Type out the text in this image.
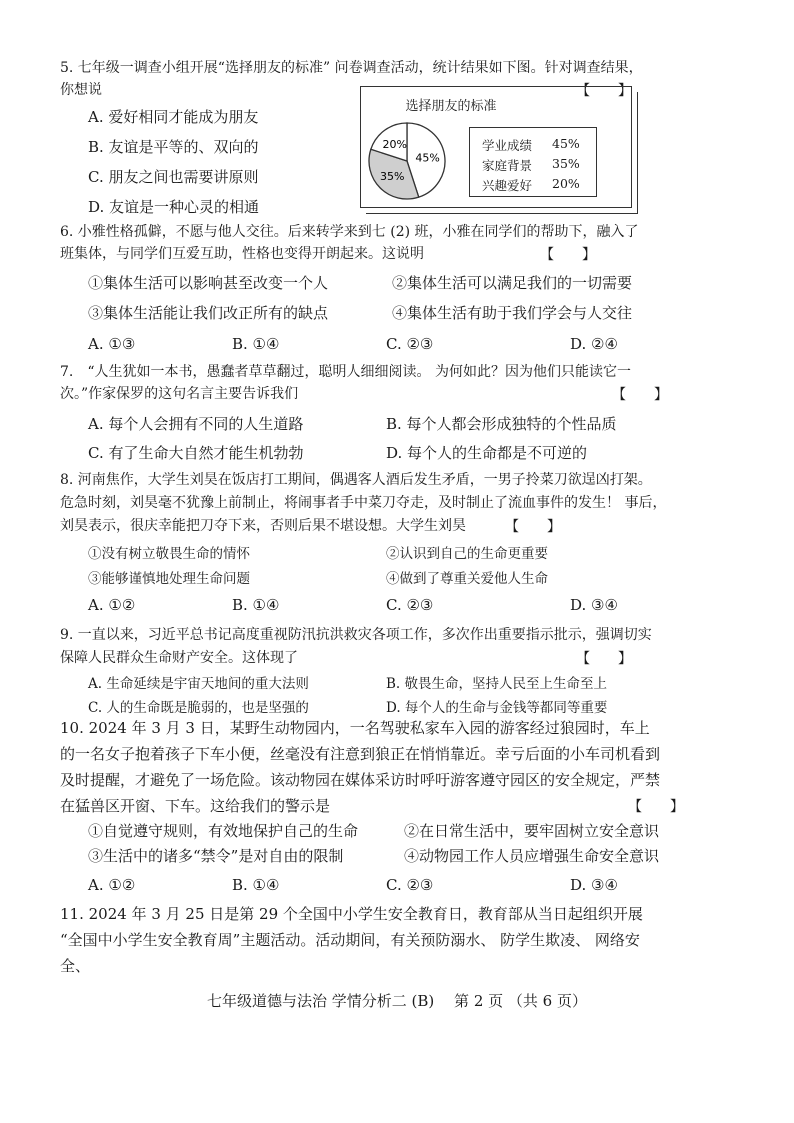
5. 七年级一调查小组开展“选择朋友的标准” 问卷调查活动，统计结果如下图。针对调查结果，
你想说	【　　】
A. 爱好相同才能成为朋友
B. 友谊是平等的、双向的
C. 朋友之间也需要讲原则
D. 友谊是一种心灵的相通
选择朋友的标准
45%
35%
20%	学业成绩 45%
家庭背景 35%
兴趣爱好 20%
6. 小雅性格孤僻，不愿与他人交往。后来转学来到七 (2) 班，小雅在同学们的帮助下，融入了
班集体，与同学们互爱互助，性格也变得开朗起来。这说明	【　　】
①集体生活可以影响甚至改变一个人	②集体生活可以满足我们的一切需要
③集体生活能让我们改正所有的缺点	④集体生活有助于我们学会与人交往
A. ①③	B. ①④	C. ②③	D. ②④
7.　“人生犹如一本书，愚蠢者草草翻过，聪明人细细阅读。 为何如此？因为他们只能读它一
次。”作家保罗的这句名言主要告诉我们	【　　】
A. 每个人会拥有不同的人生道路	B. 每个人都会形成独特的个性品质
C. 有了生命大自然才能生机勃勃	D. 每个人的生命都是不可逆的
8. 河南焦作，大学生刘昊在饭店打工期间，偶遇客人酒后发生矛盾，一男子拎菜刀欲逞凶打架。
危急时刻，刘昊毫不犹豫上前制止，将闹事者手中菜刀夺走，及时制止了流血事件的发生！ 事后，
刘昊表示，很庆幸能把刀夺下来，否则后果不堪设想。大学生刘昊	【　　】
①没有树立敬畏生命的情怀	②认识到自己的生命更重要
③能够谨慎地处理生命问题	④做到了尊重关爱他人生命
A. ①②	B. ①④	C. ②③	D. ③④
9. 一直以来，习近平总书记高度重视防汛抗洪救灾各项工作，多次作出重要指示批示，强调切实
保障人民群众生命财产安全。这体现了	【　　】
A. 生命延续是宇宙天地间的重大法则	B. 敬畏生命，坚持人民至上生命至上
C. 人的生命既是脆弱的，也是坚强的	D. 每个人的生命与金钱等都同等重要
10. 2024 年 3 月 3 日，某野生动物园内，一名驾驶私家车入园的游客经过狼园时，车上
的一名女子抱着孩子下车小便，丝毫没有注意到狼正在悄悄靠近。幸亏后面的小车司机看到
及时提醒，才避免了一场危险。该动物园在媒体采访时呼吁游客遵守园区的安全规定，严禁
在猛兽区开窗、下车。这给我们的警示是	【　　】
①自觉遵守规则，有效地保护自己的生命	②在日常生活中，要牢固树立安全意识
③生活中的诸多“禁令”是对自由的限制	④动物园工作人员应增强生命安全意识
A. ①②	B. ①④	C. ②③	D. ③④
11. 2024 年 3 月 25 日是第 29 个全国中小学生安全教育日，教育部从当日起组织开展
“全国中小学生安全教育周”主题活动。活动期间，有关预防溺水、 防学生欺凌、 网络安
全、
七年级道德与法治 学情分析二 (B)　 第 2 页 （共 6 页）
